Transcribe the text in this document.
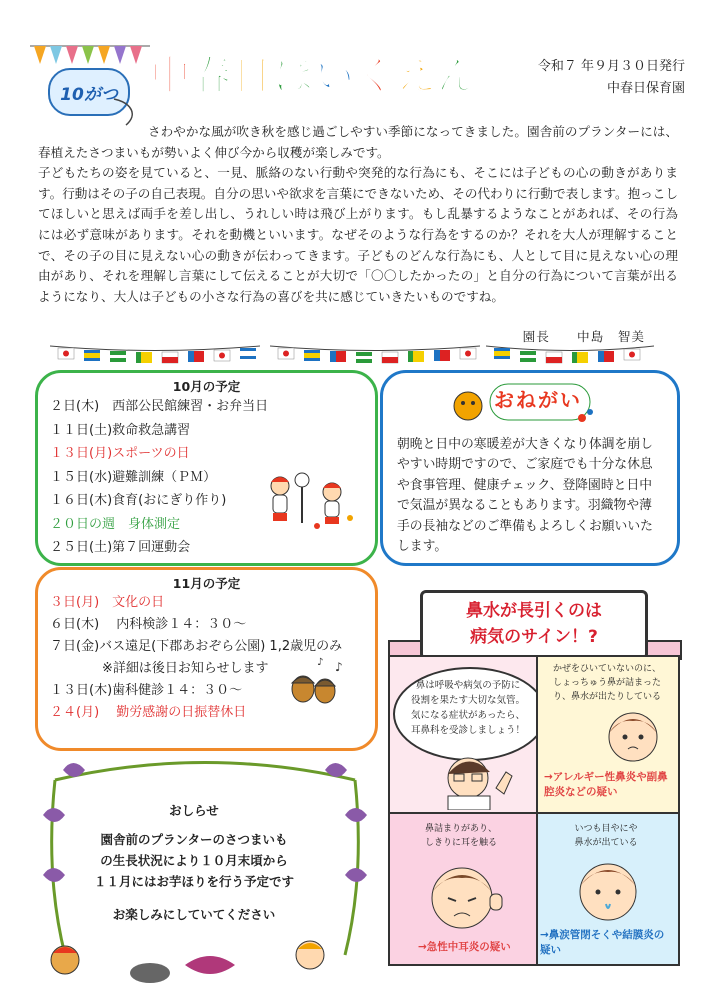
10がつ 中春日ほいくえん	令和７ 年９月３０日発行
中春日保育園

さわやかな風が吹き秋を感じ過ごしやすい季節になってきました。園舎前のプランターには、春植えたさつまいもが勢いよく伸び今から収穫が楽しみです。

子どもたちの姿を見ていると、一見、脈絡のない行動や突発的な行為にも、そこには子どもの心の動きがあります。行動はその子の自己表現。自分の思いや欲求を言葉にできないため、その代わりに行動で表します。抱っこしてほしいと思えば両手を差し出し、うれしい時は飛び上がります。もし乱暴するようなことがあれば、その行為には必ず意味があります。それを動機といいます。なぜそのような行為をするのか？それを大人が理解することで、その子の目に見えない心の動きが伝わってきます。子どものどんな行為にも、人として目に見えない心の理由があり、それを理解し言葉にして伝えることが大切で「〇〇したかったの」と自分の行為について言葉が出るようになり、大人は子どもの小さな行為の喜びを共に感じていきたいものですね。

園長　　中島　智美
10月の予定
２日(木)　西部公民館練習・お弁当日
１１日(土)救命救急講習
１３日(月)スポーツの日
１５日(水)避難訓練（ＰＭ）
１６日(木)食育(おにぎり作り)
２０日の週　身体測定
２５日(土)第７回運動会
おねがい
朝晩と日中の寒暖差が大きくなり体調を崩しやすい時期ですので、ご家庭でも十分な休息や食事管理、健康チェック、登降園時と日中で気温が異なることもあります。羽織物や薄手の長袖などのご準備もよろしくお願いいたします。
11月の予定
３日(月)　文化の日
６日(木)　 内科検診１４：３０～
７日(金)バス遠足(下郡あおぞら公園) 1,2歳児のみ
　　　　※詳細は後日お知らせします
１３日(木)歯科健診１４：３０～
２４(月)　 勤労感謝の日振替休日
♪
♪
おしらせ
園舎前のプランターのさつまいも
の生長状況により１０月末頃から
１１月にはお芋ほりを行う予定です
お楽しみにしていてください
鼻水が長引くのは
病気のサイン！?
鼻は呼吸や病気の予防に
役割を果たす大切な気管。
気になる症状があったら、
耳鼻科を受診しましょう！
かぜをひいていないのに、
しょっちゅう鼻が詰まった
り、鼻水が出たりしている
→アレルギー性鼻炎や副鼻
腔炎などの疑い
鼻詰まりがあり、
しきりに耳を触る
→急性中耳炎の疑い
いつも目やにや
鼻水が出ている
→鼻涙管閉そくや結膜炎の
疑い
